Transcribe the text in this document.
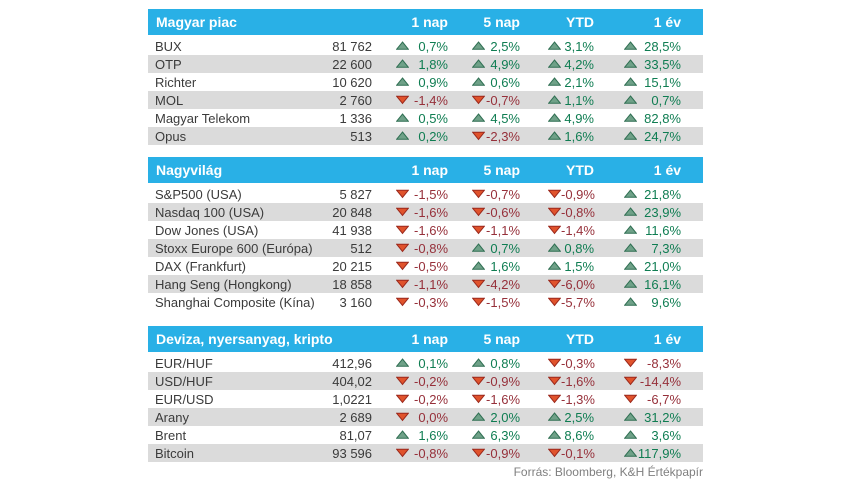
Magyar piac		1 nap	5 nap	YTD	1 év
BUX	81 762	0,7%	2,5%	3,1%	28,5%

OTP	22 600	1,8%	4,9%	4,2%	33,5%

Richter	10 620	0,9%	0,6%	2,1%	15,1%

MOL	2 760	-1,4%	-0,7%	1,1%	0,7%

Magyar Telekom	1 336	0,5%	4,5%	4,9%	82,8%

Opus	513	0,2%	-2,3%	1,6%	24,7%
Nagyvilág		1 nap	5 nap	YTD	1 év
S&P500 (USA)	5 827	-1,5%	-0,7%	-0,9%	21,8%

Nasdaq 100 (USA)	20 848	-1,6%	-0,6%	-0,8%	23,9%

Dow Jones (USA)	41 938	-1,6%	-1,1%	-1,4%	11,6%

Stoxx Europe 600 (Európa)	512	-0,8%	0,7%	0,8%	7,3%

DAX (Frankfurt)	20 215	-0,5%	1,6%	1,5%	21,0%

Hang Seng (Hongkong)	18 858	-1,1%	-4,2%	-6,0%	16,1%

Shanghai Composite (Kína)	3 160	-0,3%	-1,5%	-5,7%	9,6%
Deviza, nyersanyag, kripto		1 nap	5 nap	YTD	1 év
EUR/HUF	412,96	0,1%	0,8%	-0,3%	-8,3%

USD/HUF	404,02	-0,2%	-0,9%	-1,6%	-14,4%

EUR/USD	1,0221	-0,2%	-1,6%	-1,3%	-6,7%

Arany	2 689	0,0%	2,0%	2,5%	31,2%

Brent	81,07	1,6%	6,3%	8,6%	3,6%

Bitcoin	93 596	-0,8%	-0,9%	-0,1%	117,9%
Forrás: Bloomberg, K&H Értékpapír
